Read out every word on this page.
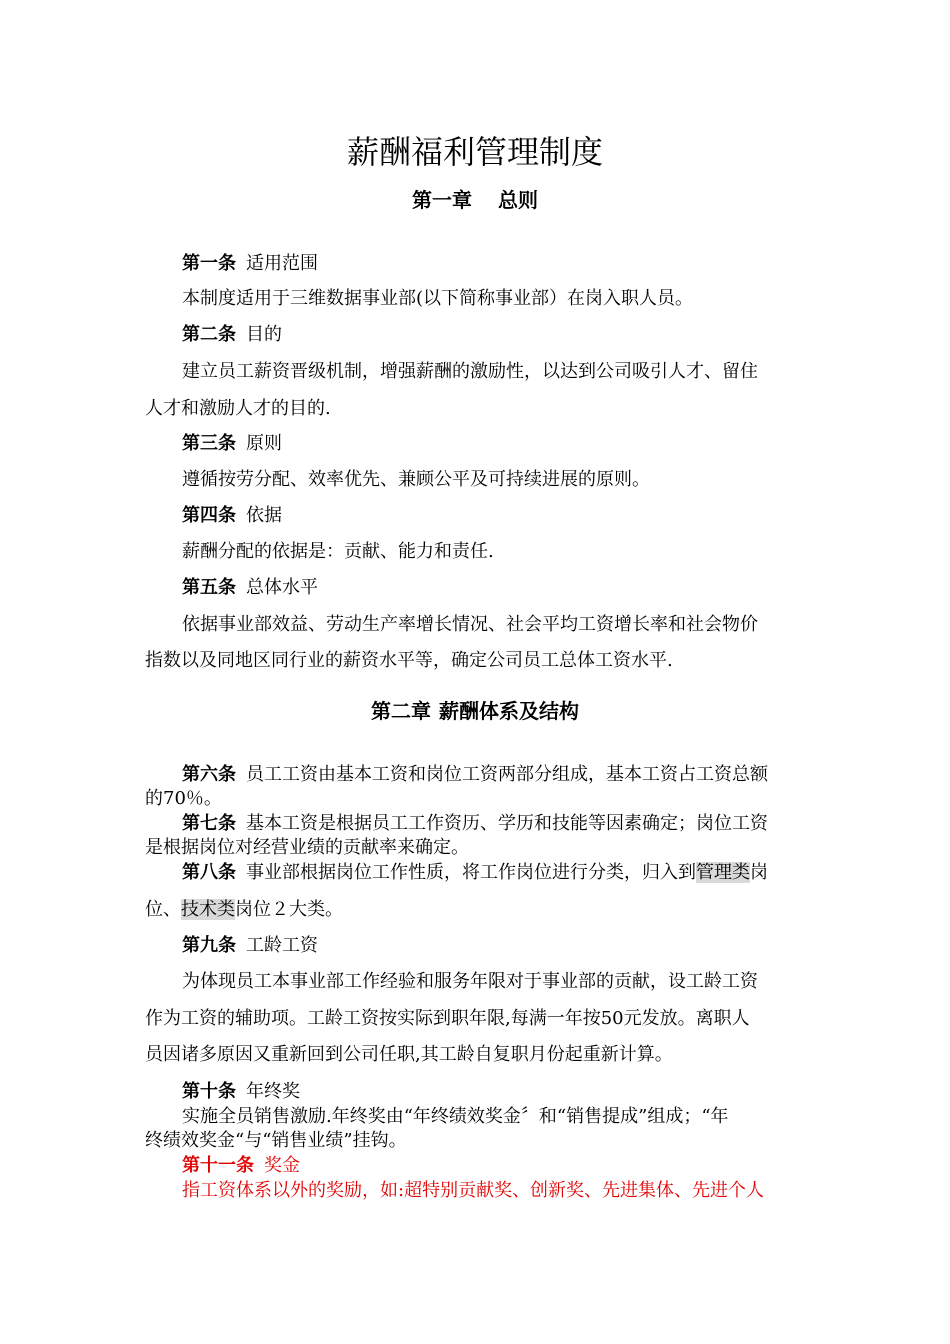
薪酬福利管理制度
第一章 总则
第一条 适用范围
本制度适用于三维数据事业部(以下简称事业部）在岗入职人员。
第二条 目的
建立员工薪资晋级机制，增强薪酬的激励性，以达到公司吸引人才、留住
人才和激励人才的目的.
第三条 原则
遵循按劳分配、效率优先、兼顾公平及可持续进展的原则。
第四条 依据
薪酬分配的依据是：贡献、能力和责任.
第五条 总体水平
依据事业部效益、劳动生产率增长情况、社会平均工资增长率和社会物价
指数以及同地区同行业的薪资水平等，确定公司员工总体工资水平.
第二章 薪酬体系及结构
第六条 员工工资由基本工资和岗位工资两部分组成，基本工资占工资总额
的70％。
第七条 基本工资是根据员工工作资历、学历和技能等因素确定；岗位工资
是根据岗位对经营业绩的贡献率来确定。
第八条 事业部根据岗位工作性质，将工作岗位进行分类，归入到管理类岗
位、技术类岗位２大类。
第九条 工龄工资
为体现员工本事业部工作经验和服务年限对于事业部的贡献，设工龄工资
作为工资的辅助项。工龄工资按实际到职年限,每满一年按50元发放。离职人
员因诸多原因又重新回到公司任职,其工龄自复职月份起重新计算。
第十条 年终奖
实施全员销售激励.年终奖由“年终绩效奖金〞和“销售提成”组成；“年
终绩效奖金“与“销售业绩”挂钩。
第十一条 奖金
指工资体系以外的奖励，如:超特别贡献奖、创新奖、先进集体、先进个人
